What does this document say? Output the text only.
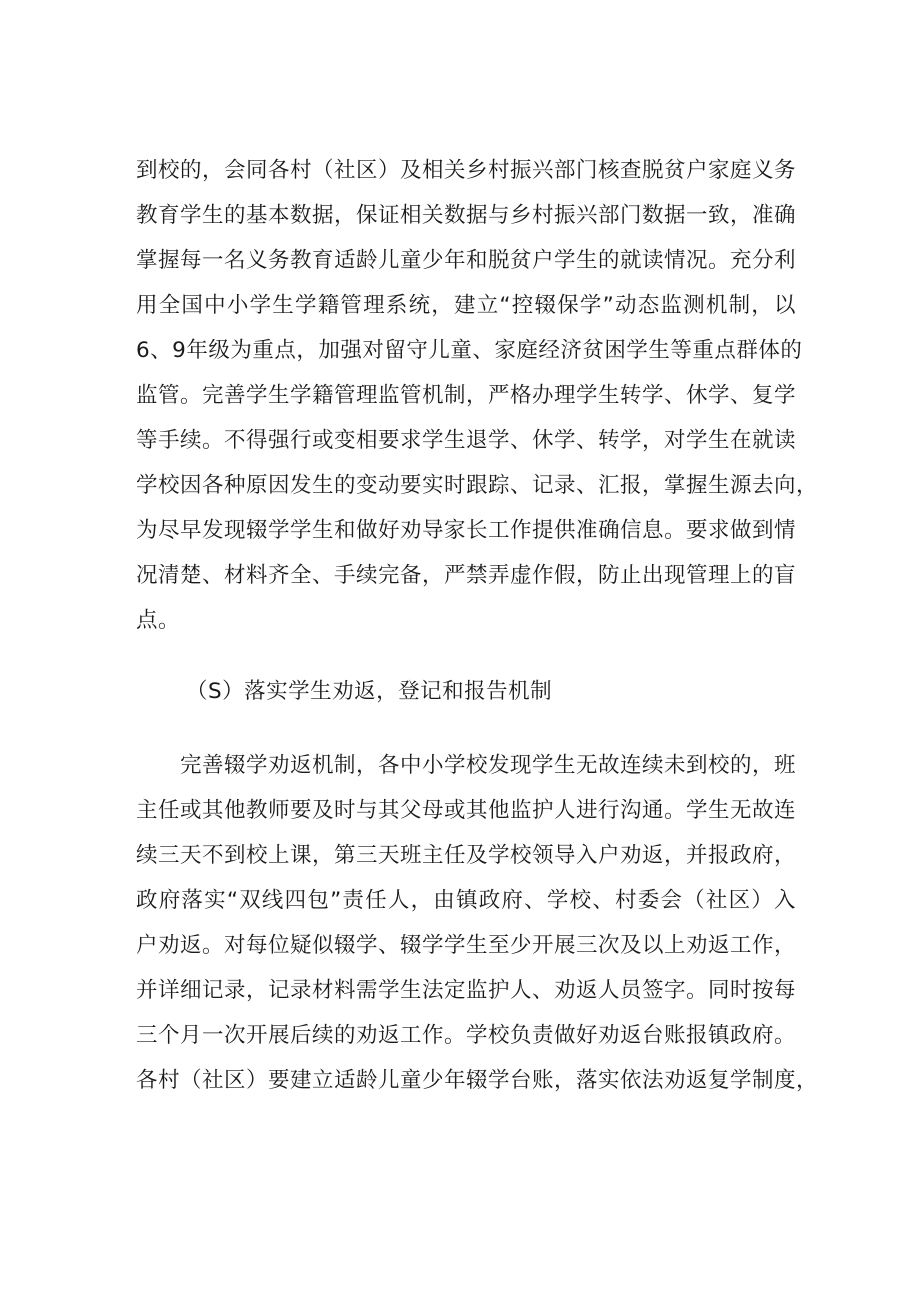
到校的，会同各村（社区）及相关乡村振兴部门核查脱贫户家庭义务
教育学生的基本数据，保证相关数据与乡村振兴部门数据一致，准确
掌握每一名义务教育适龄儿童少年和脱贫户学生的就读情况。充分利
用全国中小学生学籍管理系统，建立“控辍保学”动态监测机制，以
6、9年级为重点，加强对留守儿童、家庭经济贫困学生等重点群体的
监管。完善学生学籍管理监管机制，严格办理学生转学、休学、复学
等手续。不得强行或变相要求学生退学、休学、转学，对学生在就读
学校因各种原因发生的变动要实时跟踪、记录、汇报，掌握生源去向，
为尽早发现辍学学生和做好劝导家长工作提供准确信息。要求做到情
况清楚、材料齐全、手续完备，严禁弄虚作假，防止出现管理上的盲
点。
（S）落实学生劝返，登记和报告机制
　　完善辍学劝返机制，各中小学校发现学生无故连续未到校的，班
主任或其他教师要及时与其父母或其他监护人进行沟通。学生无故连
续三天不到校上课，第三天班主任及学校领导入户劝返，并报政府，
政府落实“双线四包”责任人，由镇政府、学校、村委会（社区）入
户劝返。对每位疑似辍学、辍学学生至少开展三次及以上劝返工作，
并详细记录，记录材料需学生法定监护人、劝返人员签字。同时按每
三个月一次开展后续的劝返工作。学校负责做好劝返台账报镇政府。
各村（社区）要建立适龄儿童少年辍学台账，落实依法劝返复学制度，
